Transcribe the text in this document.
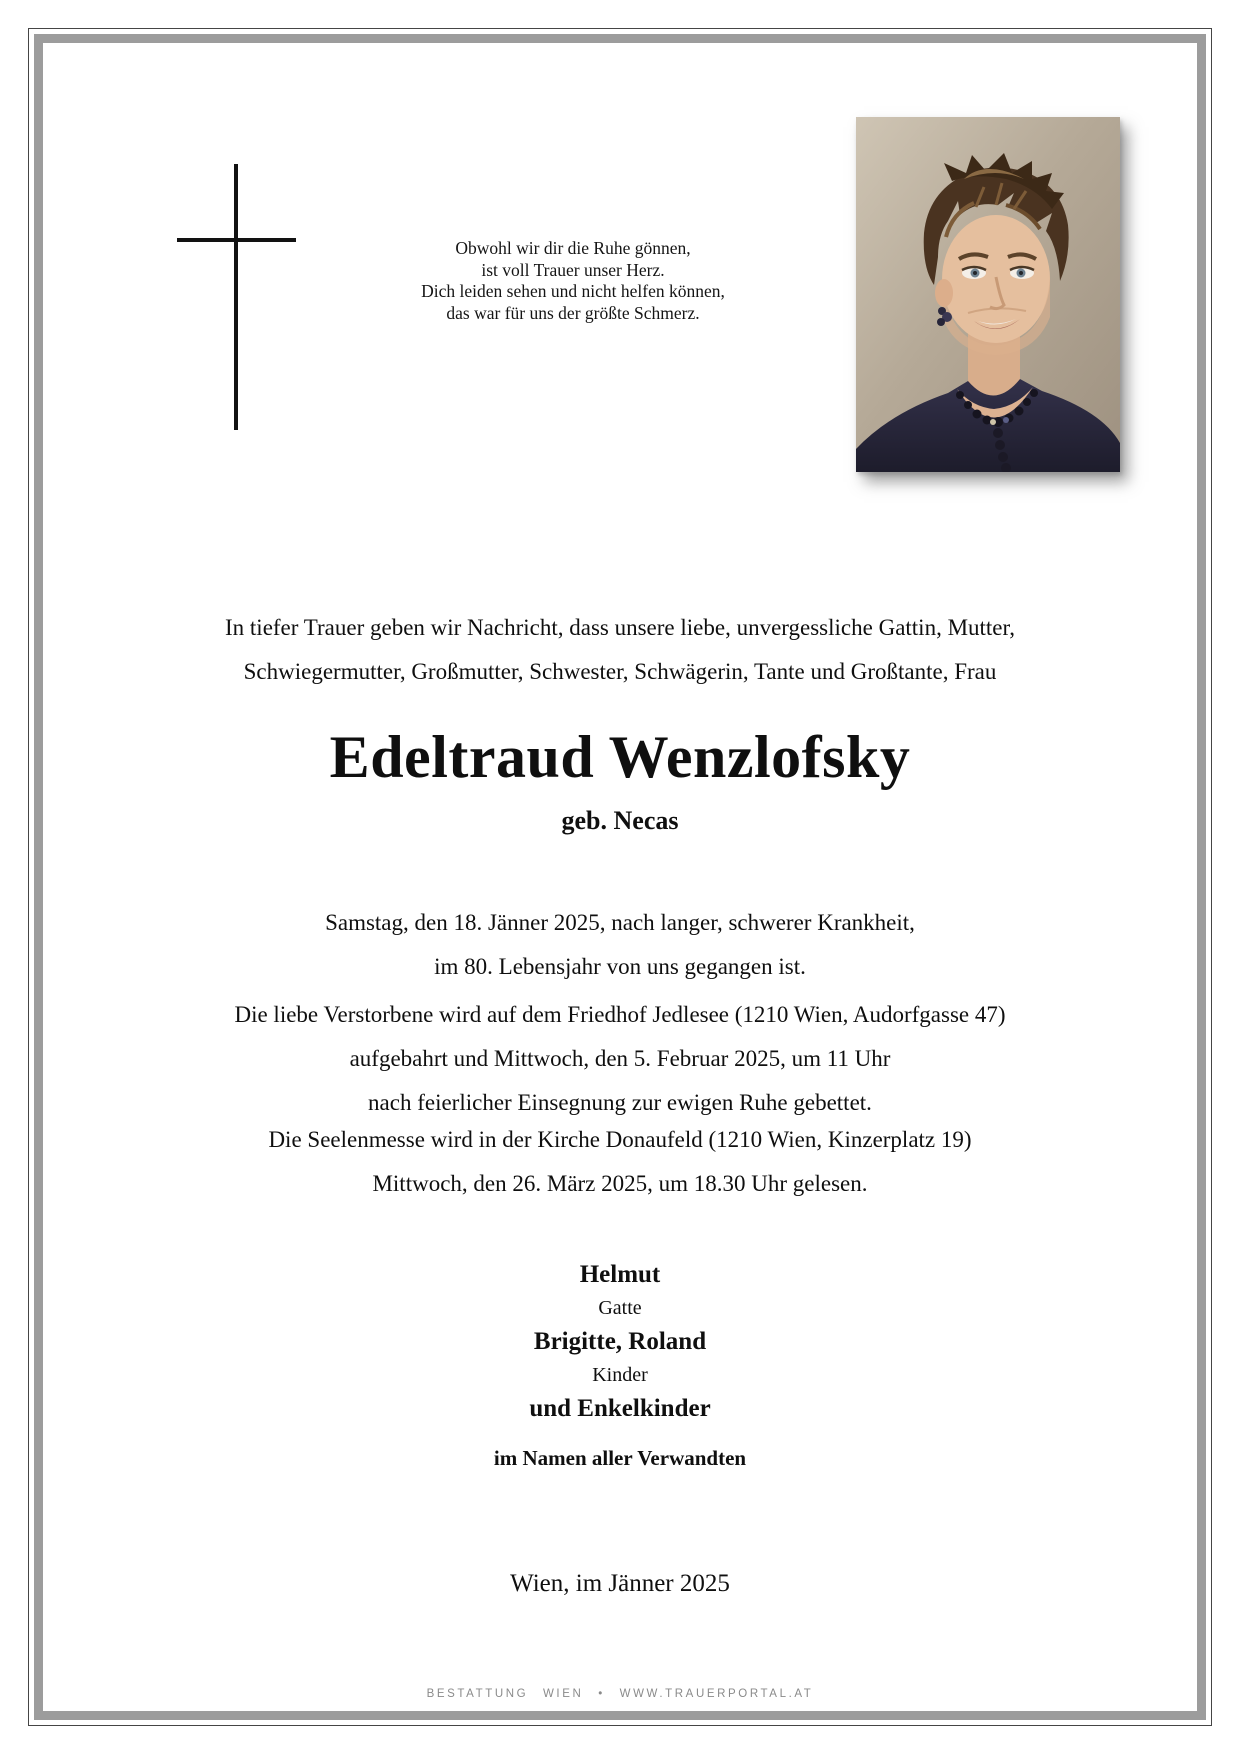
Obwohl wir dir die Ruhe gönnen,
ist voll Trauer unser Herz.
Dich leiden sehen und nicht helfen können,
das war für uns der größte Schmerz.
In tiefer Trauer geben wir Nachricht, dass unsere liebe, unvergessliche Gattin, Mutter,
Schwiegermutter, Großmutter, Schwester, Schwägerin, Tante und Großtante, Frau
Edeltraud Wenzlofsky
geb. Necas
Samstag, den 18. Jänner 2025, nach langer, schwerer Krankheit,
im 80. Lebensjahr von uns gegangen ist.
Die liebe Verstorbene wird auf dem Friedhof Jedlesee (1210 Wien, Audorfgasse 47)
aufgebahrt und Mittwoch, den 5. Februar 2025, um 11 Uhr
nach feierlicher Einsegnung zur ewigen Ruhe gebettet.
Die Seelenmesse wird in der Kirche Donaufeld (1210 Wien, Kinzerplatz 19)
Mittwoch, den 26. März 2025, um 18.30 Uhr gelesen.
Helmut
Gatte
Brigitte, Roland
Kinder
und Enkelkinder
im Namen aller Verwandten
Wien, im Jänner 2025
BESTATTUNG WIEN • WWW.TRAUERPORTAL.AT
